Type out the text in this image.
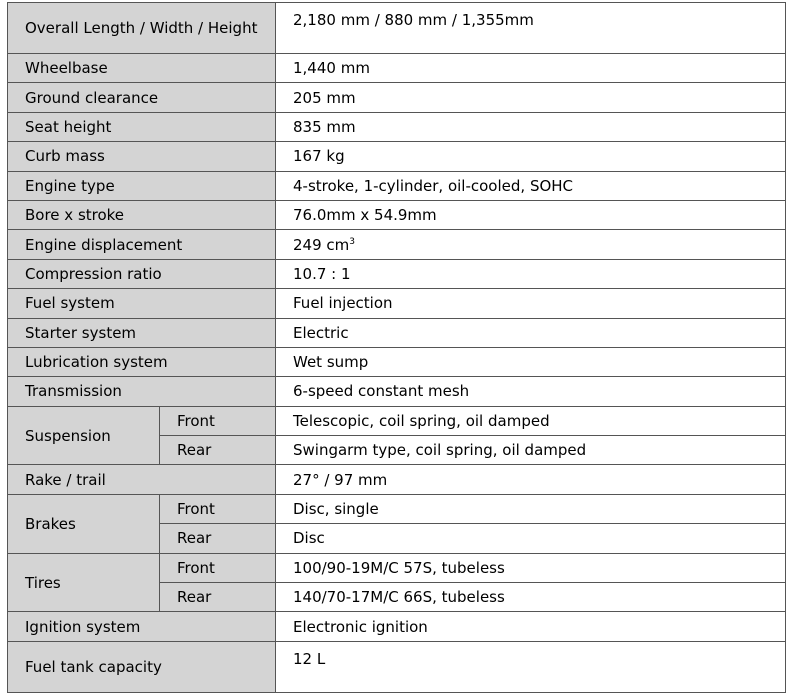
Overall Length / Width / Height		2,180 mm / 880 mm / 1,355mm
Wheelbase		1,440 mm
Ground clearance		205 mm
Seat height		835 mm
Curb mass		167 kg
Engine type		4-stroke, 1-cylinder, oil-cooled, SOHC
Bore x stroke		76.0mm x 54.9mm
Engine displacement		249 $cm^3$
Compression ratio		10.7 : 1
Fuel system		Fuel injection
Starter system		Electric
Lubrication system		Wet sump
Transmission		6-speed constant mesh
Suspension	Front	Telescopic, coil spring, oil damped
	Rear	Swingarm type, coil spring, oil damped
Rake / trail		27° / 97 mm
Brakes	Front	Disc, single
	Rear	Disc
Tires	Front	100/90-19M/C 57S, tubeless
	Rear	140/70-17M/C 66S, tubeless
Ignition system		Electronic ignition
Fuel tank capacity		12 L
